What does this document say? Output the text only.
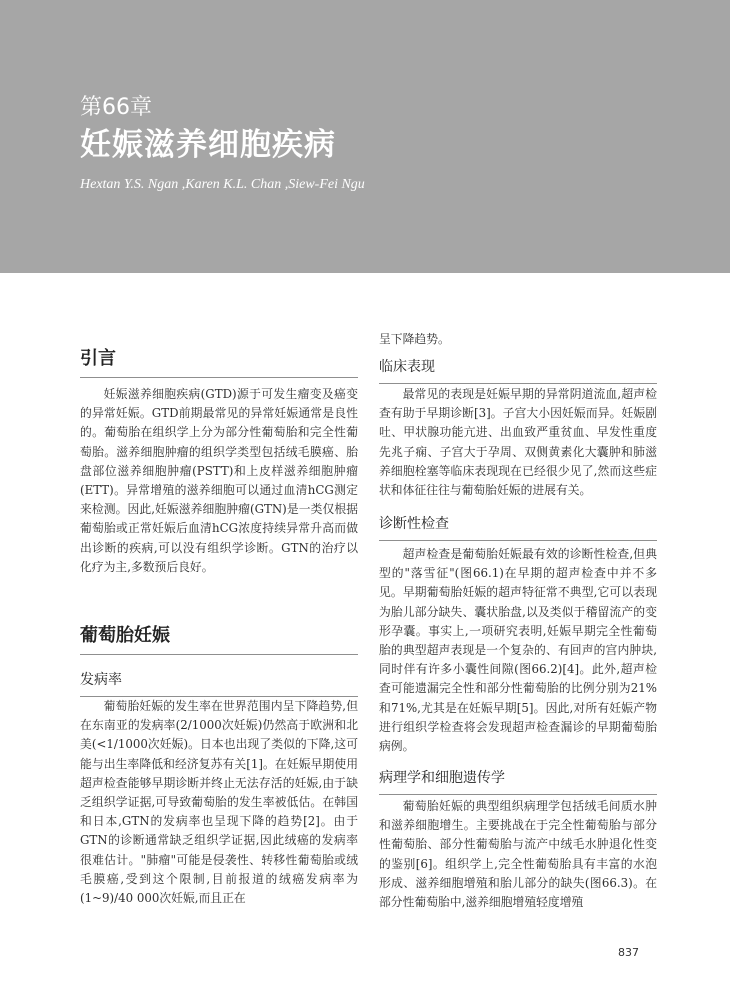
第66章
妊娠滋养细胞疾病
Hextan Y.S. Ngan ,Karen K.L. Chan ,Siew-Fei Ngu
引言

妊娠滋养细胞疾病(GTD)源于可发生瘤变及癌变的异常妊娠。GTD前期最常见的异常妊娠通常是良性的。葡萄胎在组织学上分为部分性葡萄胎和完全性葡萄胎。滋养细胞肿瘤的组织学类型包括绒毛膜癌、胎盘部位滋养细胞肿瘤(PSTT)和上皮样滋养细胞肿瘤(ETT)。异常增殖的滋养细胞可以通过血清hCG测定来检测。因此,妊娠滋养细胞肿瘤(GTN)是一类仅根据葡萄胎或正常妊娠后血清hCG浓度持续异常升高而做出诊断的疾病,可以没有组织学诊断。GTN的治疗以化疗为主,多数预后良好。

葡萄胎妊娠
发病率

葡萄胎妊娠的发生率在世界范围内呈下降趋势,但在东南亚的发病率(2/1000次妊娠)仍然高于欧洲和北美(<1/1000次妊娠)。日本也出现了类似的下降,这可能与出生率降低和经济复苏有关[1]。在妊娠早期使用超声检查能够早期诊断并终止无法存活的妊娠,由于缺乏组织学证据,可导致葡萄胎的发生率被低估。在韩国和日本,GTN的发病率也呈现下降的趋势[2]。由于GTN的诊断通常缺乏组织学证据,因此绒癌的发病率很难估计。"肺瘤"可能是侵袭性、转移性葡萄胎或绒毛膜癌,受到这个限制,目前报道的绒癌发病率为(1~9)/40 000次妊娠,而且正在

呈下降趋势。

临床表现

最常见的表现是妊娠早期的异常阴道流血,超声检查有助于早期诊断[3]。子宫大小因妊娠而异。妊娠剧吐、甲状腺功能亢进、出血致严重贫血、早发性重度先兆子痫、子宫大于孕周、双侧黄素化大囊肿和肺滋养细胞栓塞等临床表现现在已经很少见了,然而这些症状和体征往往与葡萄胎妊娠的进展有关。

诊断性检查

超声检查是葡萄胎妊娠最有效的诊断性检查,但典型的"落雪征"(图66.1)在早期的超声检查中并不多见。早期葡萄胎妊娠的超声特征常不典型,它可以表现为胎儿部分缺失、囊状胎盘,以及类似于稽留流产的变形孕囊。事实上,一项研究表明,妊娠早期完全性葡萄胎的典型超声表现是一个复杂的、有回声的宫内肿块,同时伴有许多小囊性间隙(图66.2)[4]。此外,超声检查可能遗漏完全性和部分性葡萄胎的比例分别为21%和71%,尤其是在妊娠早期[5]。因此,对所有妊娠产物进行组织学检查将会发现超声检查漏诊的早期葡萄胎病例。

病理学和细胞遗传学

葡萄胎妊娠的典型组织病理学包括绒毛间质水肿和滋养细胞增生。主要挑战在于完全性葡萄胎与部分性葡萄胎、部分性葡萄胎与流产中绒毛水肿退化性变的鉴别[6]。组织学上,完全性葡萄胎具有丰富的水泡形成、滋养细胞增殖和胎儿部分的缺失(图66.3)。在部分性葡萄胎中,滋养细胞增殖轻度增殖

837
